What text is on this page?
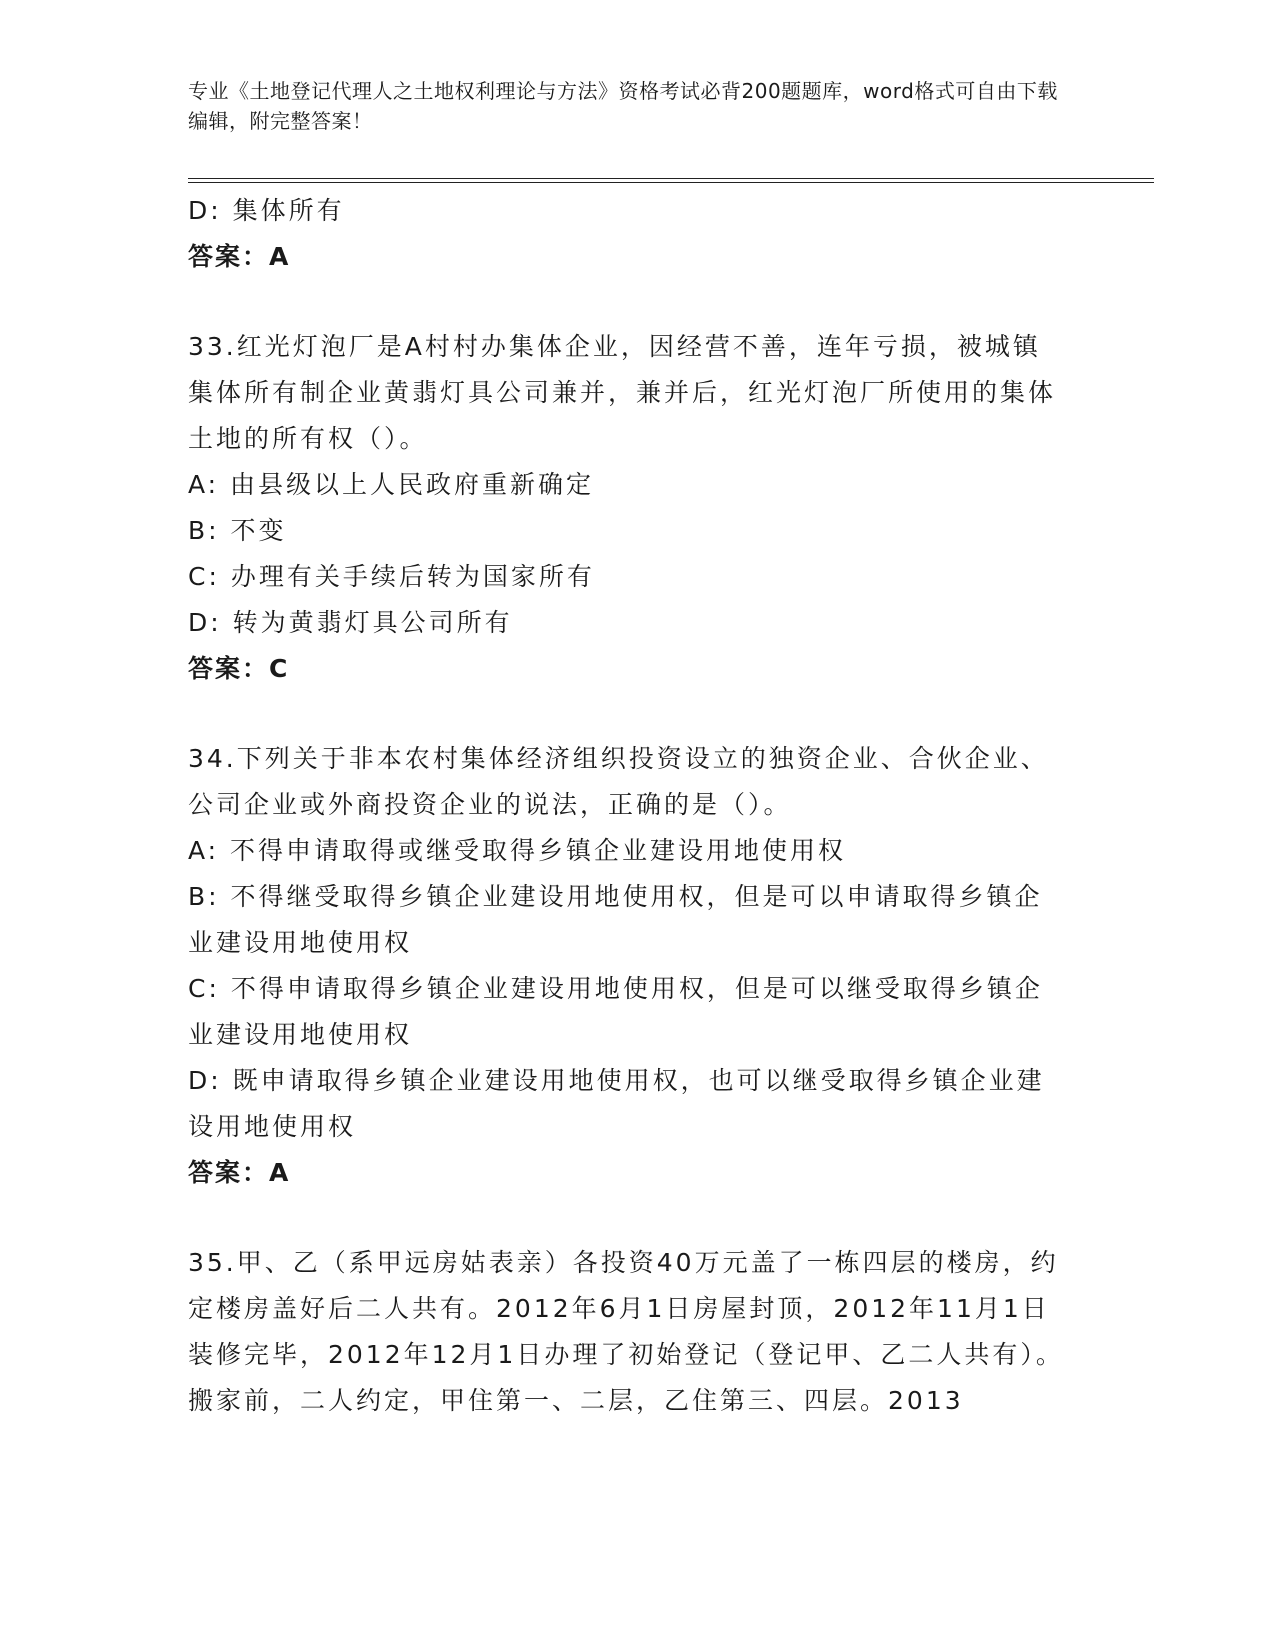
专业《土地登记代理人之土地权利理论与方法》资格考试必背200题题库，word格式可自由下载编辑，附完整答案！

D: 集体所有

答案：A

33.红光灯泡厂是A村村办集体企业，因经营不善，连年亏损，被城镇集体所有制企业黄翡灯具公司兼并，兼并后，红光灯泡厂所使用的集体土地的所有权（）。

A: 由县级以上人民政府重新确定

B: 不变

C: 办理有关手续后转为国家所有

D: 转为黄翡灯具公司所有

答案：C

34.下列关于非本农村集体经济组织投资设立的独资企业、合伙企业、公司企业或外商投资企业的说法，正确的是（）。

A: 不得申请取得或继受取得乡镇企业建设用地使用权

B: 不得继受取得乡镇企业建设用地使用权，但是可以申请取得乡镇企业建设用地使用权

C: 不得申请取得乡镇企业建设用地使用权，但是可以继受取得乡镇企业建设用地使用权

D: 既申请取得乡镇企业建设用地使用权，也可以继受取得乡镇企业建设用地使用权

答案：A

35.甲、乙（系甲远房姑表亲）各投资40万元盖了一栋四层的楼房，约定楼房盖好后二人共有。2012年6月1日房屋封顶，2012年11月1日装修完毕，2012年12月1日办理了初始登记（登记甲、乙二人共有）。搬家前，二人约定，甲住第一、二层，乙住第三、四层。2013
